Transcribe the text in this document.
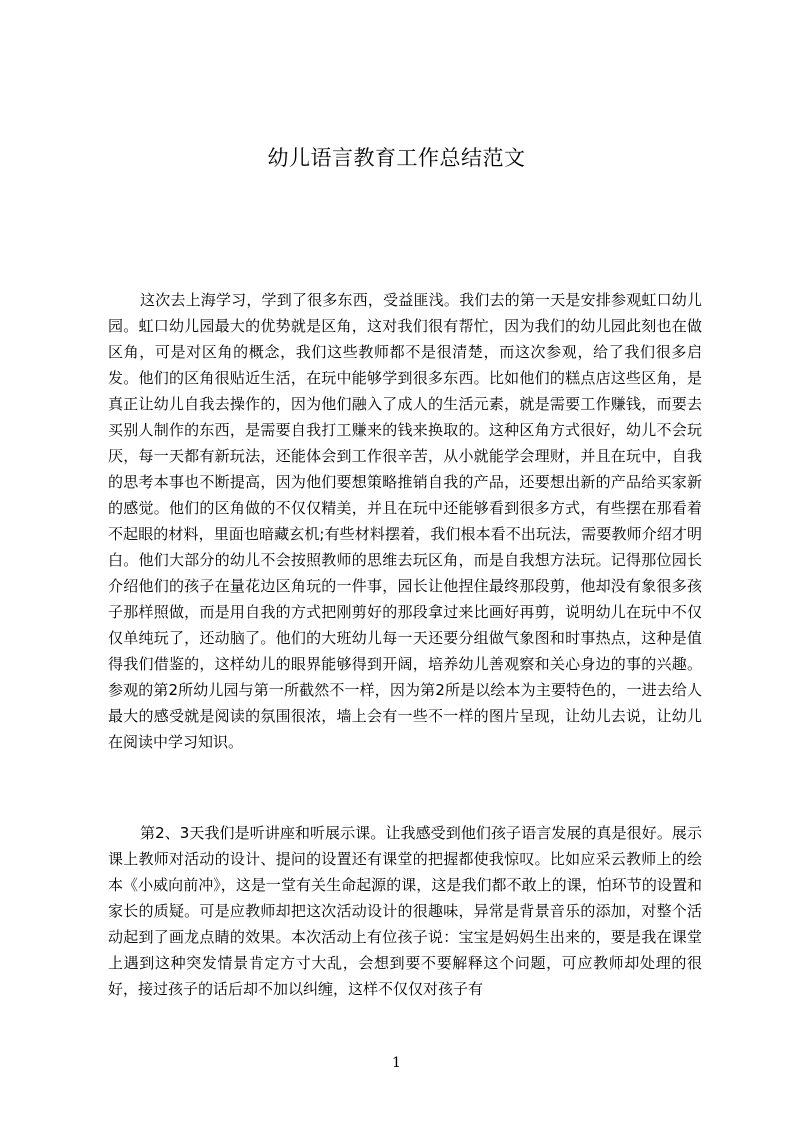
幼儿语言教育工作总结范文

这次去上海学习，学到了很多东西，受益匪浅。我们去的第一天是安排参观虹口幼儿园。虹口幼儿园最大的优势就是区角，这对我们很有帮忙，因为我们的幼儿园此刻也在做区角，可是对区角的概念，我们这些教师都不是很清楚，而这次参观，给了我们很多启发。他们的区角很贴近生活，在玩中能够学到很多东西。比如他们的糕点店这些区角，是真正让幼儿自我去操作的，因为他们融入了成人的生活元素，就是需要工作赚钱，而要去买别人制作的东西，是需要自我打工赚来的钱来换取的。这种区角方式很好，幼儿不会玩厌，每一天都有新玩法，还能体会到工作很辛苦，从小就能学会理财，并且在玩中，自我的思考本事也不断提高，因为他们要想策略推销自我的产品，还要想出新的产品给买家新的感觉。他们的区角做的不仅仅精美，并且在玩中还能够看到很多方式，有些摆在那看着不起眼的材料，里面也暗藏玄机;有些材料摆着，我们根本看不出玩法，需要教师介绍才明白。他们大部分的幼儿不会按照教师的思维去玩区角，而是自我想方法玩。记得那位园长介绍他们的孩子在量花边区角玩的一件事，园长让他捏住最终那段剪，他却没有象很多孩子那样照做，而是用自我的方式把刚剪好的那段拿过来比画好再剪，说明幼儿在玩中不仅仅单纯玩了，还动脑了。他们的大班幼儿每一天还要分组做气象图和时事热点，这种是值得我们借鉴的，这样幼儿的眼界能够得到开阔，培养幼儿善观察和关心身边的事的兴趣。参观的第2所幼儿园与第一所截然不一样，因为第2所是以绘本为主要特色的，一进去给人最大的感受就是阅读的氛围很浓，墙上会有一些不一样的图片呈现，让幼儿去说，让幼儿在阅读中学习知识。

第2、3天我们是听讲座和听展示课。让我感受到他们孩子语言发展的真是很好。展示课上教师对活动的设计、提问的设置还有课堂的把握都使我惊叹。比如应采云教师上的绘本《小威向前冲》，这是一堂有关生命起源的课，这是我们都不敢上的课，怕环节的设置和家长的质疑。可是应教师却把这次活动设计的很趣味，异常是背景音乐的添加，对整个活动起到了画龙点睛的效果。本次活动上有位孩子说：宝宝是妈妈生出来的，要是我在课堂上遇到这种突发情景肯定方寸大乱，会想到要不要解释这个问题，可应教师却处理的很好，接过孩子的话后却不加以纠缠，这样不仅仅对孩子有

1
